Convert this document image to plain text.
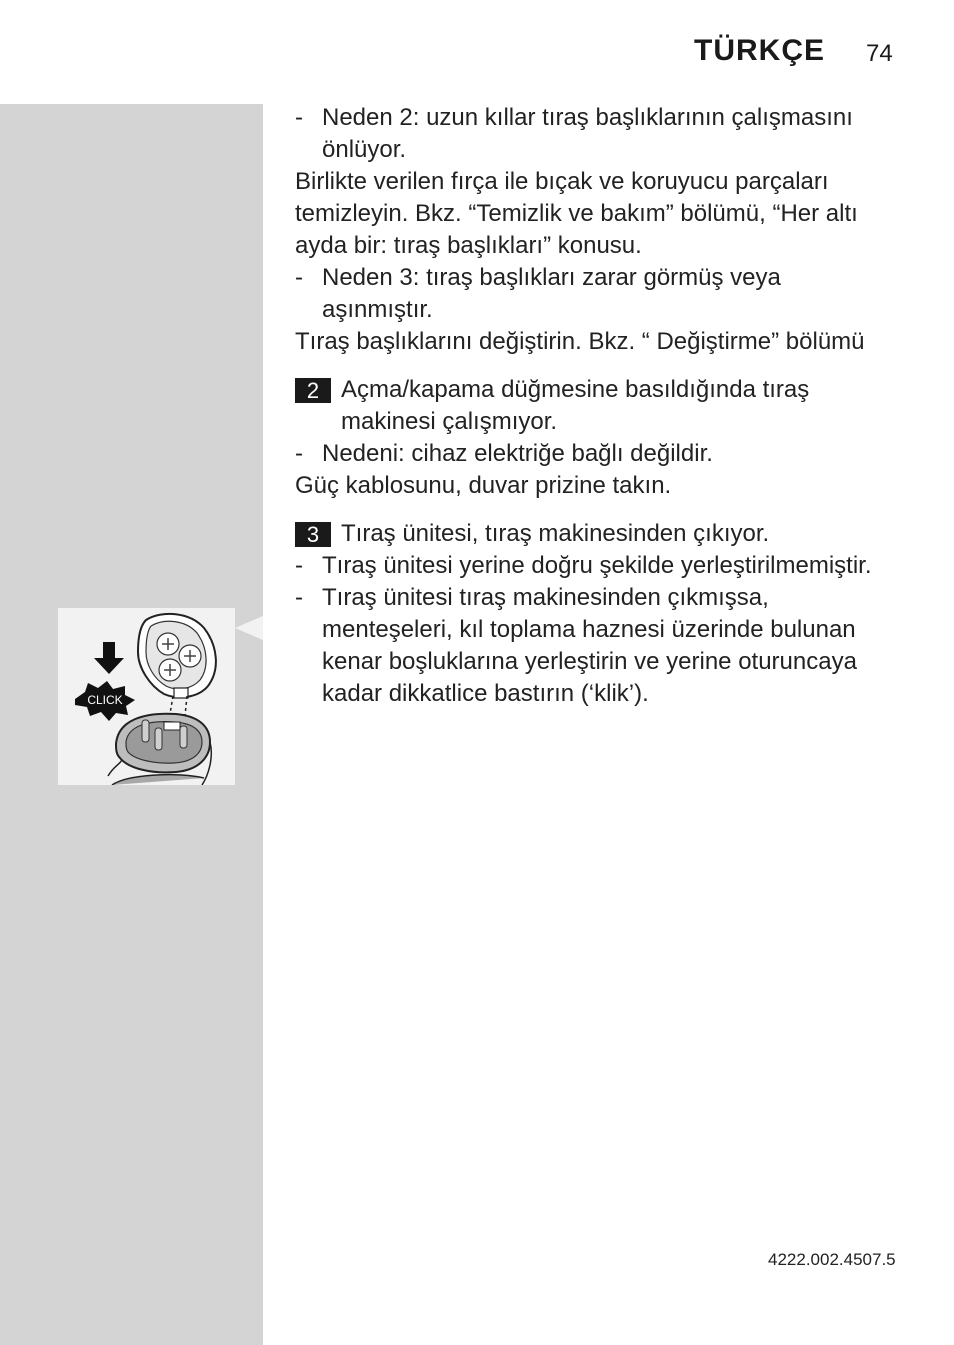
TÜRKÇE 74
- Neden 2: uzun kıllar tıraş başlıklarının çalışmasını önlüyor.
Birlikte verilen fırça ile bıçak ve koruyucu parçaları temizleyin. Bkz. “Temizlik ve bakım” bölümü, “Her altı ayda bir: tıraş başlıkları” konusu.
- Neden 3: tıraş başlıkları zarar görmüş veya aşınmıştır.
Tıraş başlıklarını değiştirin. Bkz. “ Değiştirme” bölümü
2 Açma/kapama düğmesine basıldığında tıraş makinesi çalışmıyor.
- Nedeni: cihaz elektriğe bağlı değildir.
Güç kablosunu, duvar prizine takın.
3 Tıraş ünitesi, tıraş makinesinden çıkıyor.
- Tıraş ünitesi yerine doğru şekilde yerleştirilmemiştir.
- Tıraş ünitesi tıraş makinesinden çıkmışsa, menteşeleri, kıl toplama haznesi üzerinde bulunan kenar boşluklarına yerleştirin ve yerine oturuncaya kadar dikkatlice bastırın (‘klik’).
CLICK
4222.002.4507.5
